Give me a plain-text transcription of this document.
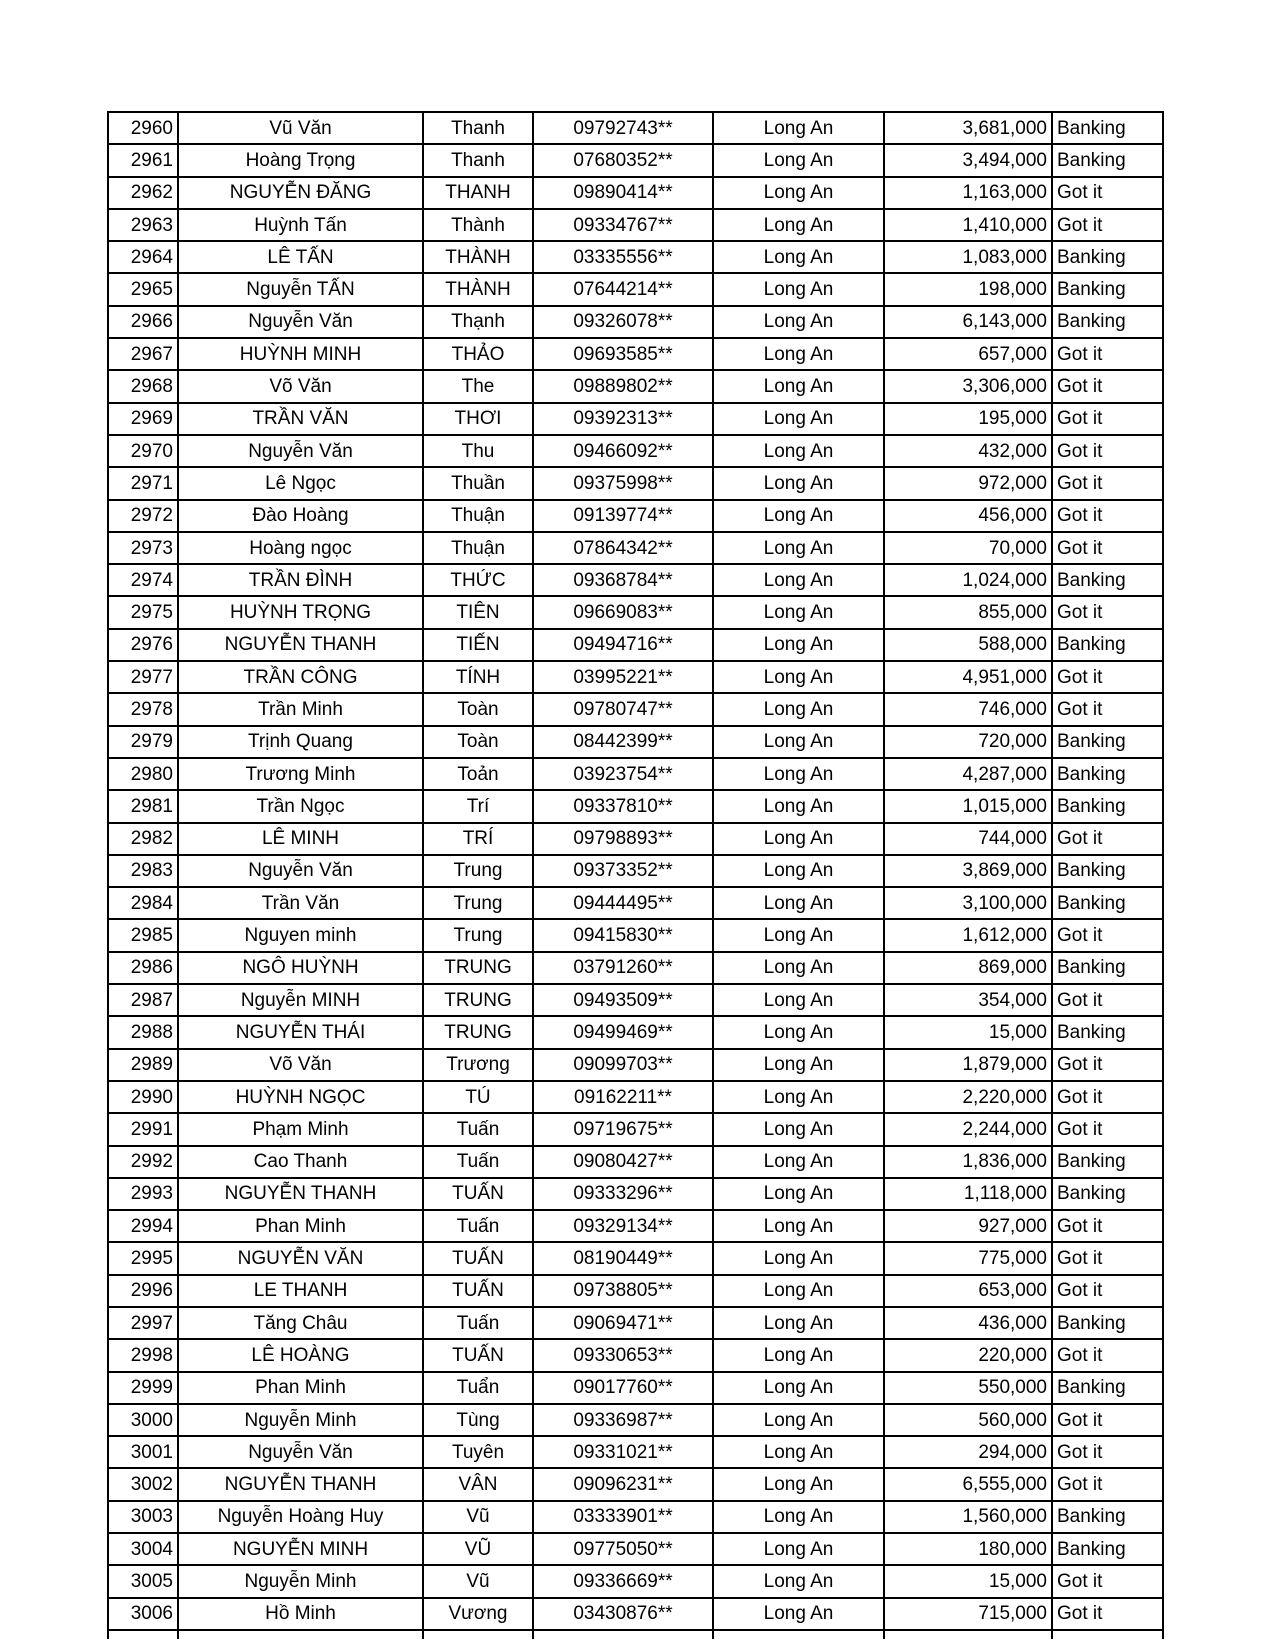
2960	Vũ Văn	Thanh	09792743**	Long An	3,681,000	Banking
2961	Hoàng Trọng	Thanh	07680352**	Long An	3,494,000	Banking
2962	NGUYỄN ĐĂNG	THANH	09890414**	Long An	1,163,000	Got it
2963	Huỳnh Tấn	Thành	09334767**	Long An	1,410,000	Got it
2964	LÊ TẤN	THÀNH	03335556**	Long An	1,083,000	Banking
2965	Nguyễn TẤN	THÀNH	07644214**	Long An	198,000	Banking
2966	Nguyễn Văn	Thạnh	09326078**	Long An	6,143,000	Banking
2967	HUỲNH MINH	THẢO	09693585**	Long An	657,000	Got it
2968	Võ Văn	The	09889802**	Long An	3,306,000	Got it
2969	TRẦN VĂN	THƠI	09392313**	Long An	195,000	Got it
2970	Nguyễn Văn	Thu	09466092**	Long An	432,000	Got it
2971	Lê Ngọc	Thuần	09375998**	Long An	972,000	Got it
2972	Đào Hoàng	Thuận	09139774**	Long An	456,000	Got it
2973	Hoàng ngọc	Thuận	07864342**	Long An	70,000	Got it
2974	TRẦN ĐÌNH	THỨC	09368784**	Long An	1,024,000	Banking
2975	HUỲNH TRỌNG	TIÊN	09669083**	Long An	855,000	Got it
2976	NGUYỄN THANH	TIẾN	09494716**	Long An	588,000	Banking
2977	TRẦN CÔNG	TÍNH	03995221**	Long An	4,951,000	Got it
2978	Trần Minh	Toàn	09780747**	Long An	746,000	Got it
2979	Trịnh Quang	Toàn	08442399**	Long An	720,000	Banking
2980	Trương Minh	Toản	03923754**	Long An	4,287,000	Banking
2981	Trần Ngọc	Trí	09337810**	Long An	1,015,000	Banking
2982	LÊ MINH	TRÍ	09798893**	Long An	744,000	Got it
2983	Nguyễn Văn	Trung	09373352**	Long An	3,869,000	Banking
2984	Trần Văn	Trung	09444495**	Long An	3,100,000	Banking
2985	Nguyen minh	Trung	09415830**	Long An	1,612,000	Got it
2986	NGÔ HUỲNH	TRUNG	03791260**	Long An	869,000	Banking
2987	Nguyễn MINH	TRUNG	09493509**	Long An	354,000	Got it
2988	NGUYỄN THÁI	TRUNG	09499469**	Long An	15,000	Banking
2989	Võ Văn	Trương	09099703**	Long An	1,879,000	Got it
2990	HUỲNH NGỌC	TÚ	09162211**	Long An	2,220,000	Got it
2991	Phạm Minh	Tuấn	09719675**	Long An	2,244,000	Got it
2992	Cao Thanh	Tuấn	09080427**	Long An	1,836,000	Banking
2993	NGUYỄN THANH	TUẤN	09333296**	Long An	1,118,000	Banking
2994	Phan Minh	Tuấn	09329134**	Long An	927,000	Got it
2995	NGUYỄN VĂN	TUẤN	08190449**	Long An	775,000	Got it
2996	LE THANH	TUẤN	09738805**	Long An	653,000	Got it
2997	Tăng Châu	Tuấn	09069471**	Long An	436,000	Banking
2998	LÊ HOÀNG	TUẤN	09330653**	Long An	220,000	Got it
2999	Phan Minh	Tuẩn	09017760**	Long An	550,000	Banking
3000	Nguyễn Minh	Tùng	09336987**	Long An	560,000	Got it
3001	Nguyễn Văn	Tuyên	09331021**	Long An	294,000	Got it
3002	NGUYỄN THANH	VÂN	09096231**	Long An	6,555,000	Got it
3003	Nguyễn Hoàng Huy	Vũ	03333901**	Long An	1,560,000	Banking
3004	NGUYỄN MINH	VŨ	09775050**	Long An	180,000	Banking
3005	Nguyễn Minh	Vũ	09336669**	Long An	15,000	Got it
3006	Hồ Minh	Vương	03430876**	Long An	715,000	Got it
